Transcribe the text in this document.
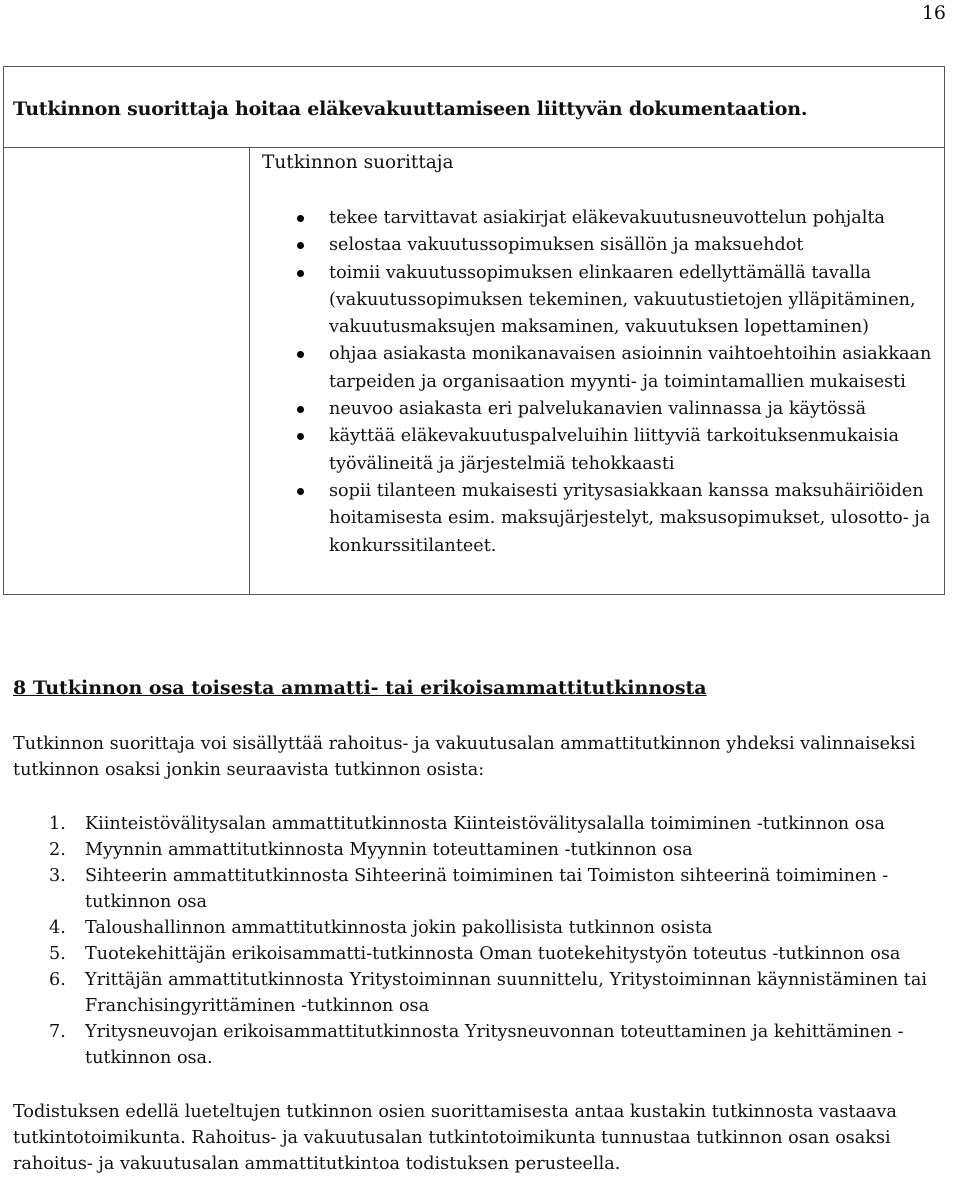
16
Tutkinnon suorittaja hoitaa eläkevakuuttamiseen liittyvän dokumentaation.
Tutkinnon suorittaja
tekee tarvittavat asiakirjat eläkevakuutusneuvottelun pohjalta
selostaa vakuutussopimuksen sisällön ja maksuehdot
toimii vakuutussopimuksen elinkaaren edellyttämällä tavalla (vakuutussopimuksen tekeminen, vakuutustietojen ylläpitäminen, vakuutusmaksujen maksaminen, vakuutuksen lopettaminen)
ohjaa asiakasta monikanavaisen asioinnin vaihtoehtoihin asiakkaan tarpeiden ja organisaation myynti- ja toimintamallien mukaisesti
neuvoo asiakasta eri palvelukanavien valinnassa ja käytössä
käyttää eläkevakuutuspalveluihin liittyviä tarkoituksenmukaisia työvälineitä ja järjestelmiä tehokkaasti
sopii tilanteen mukaisesti yritysasiakkaan kanssa maksuhäiriöiden hoitamisesta esim. maksujärjestelyt, maksusopimukset, ulosotto- ja konkurssitilanteet.
8 Tutkinnon osa toisesta ammatti- tai erikoisammattitutkinnosta

Tutkinnon suorittaja voi sisällyttää rahoitus- ja vakuutusalan ammattitutkinnon yhdeksi valinnaiseksi tutkinnon osaksi jonkin seuraavista tutkinnon osista:

1. Kiinteistövälitysalan ammattitutkinnosta Kiinteistövälitysalalla toimiminen -tutkinnon osa
2. Myynnin ammattitutkinnosta Myynnin toteuttaminen -tutkinnon osa
3. Sihteerin ammattitutkinnosta Sihteerinä toimiminen tai Toimiston sihteerinä toimiminen - tutkinnon osa
4. Taloushallinnon ammattitutkinnosta jokin pakollisista tutkinnon osista
5. Tuotekehittäjän erikoisammatti-tutkinnosta Oman tuotekehitystyön toteutus -tutkinnon osa
6. Yrittäjän ammattitutkinnosta Yritystoiminnan suunnittelu, Yritystoiminnan käynnistäminen tai Franchisingyrittäminen -tutkinnon osa
7. Yritysneuvojan erikoisammattitutkinnosta Yritysneuvonnan toteuttaminen ja kehittäminen - tutkinnon osa.

Todistuksen edellä lueteltujen tutkinnon osien suorittamisesta antaa kustakin tutkinnosta vastaava tutkintotoimikunta. Rahoitus- ja vakuutusalan tutkintotoimikunta tunnustaa tutkinnon osan osaksi rahoitus- ja vakuutusalan ammattitutkintoa todistuksen perusteella.
